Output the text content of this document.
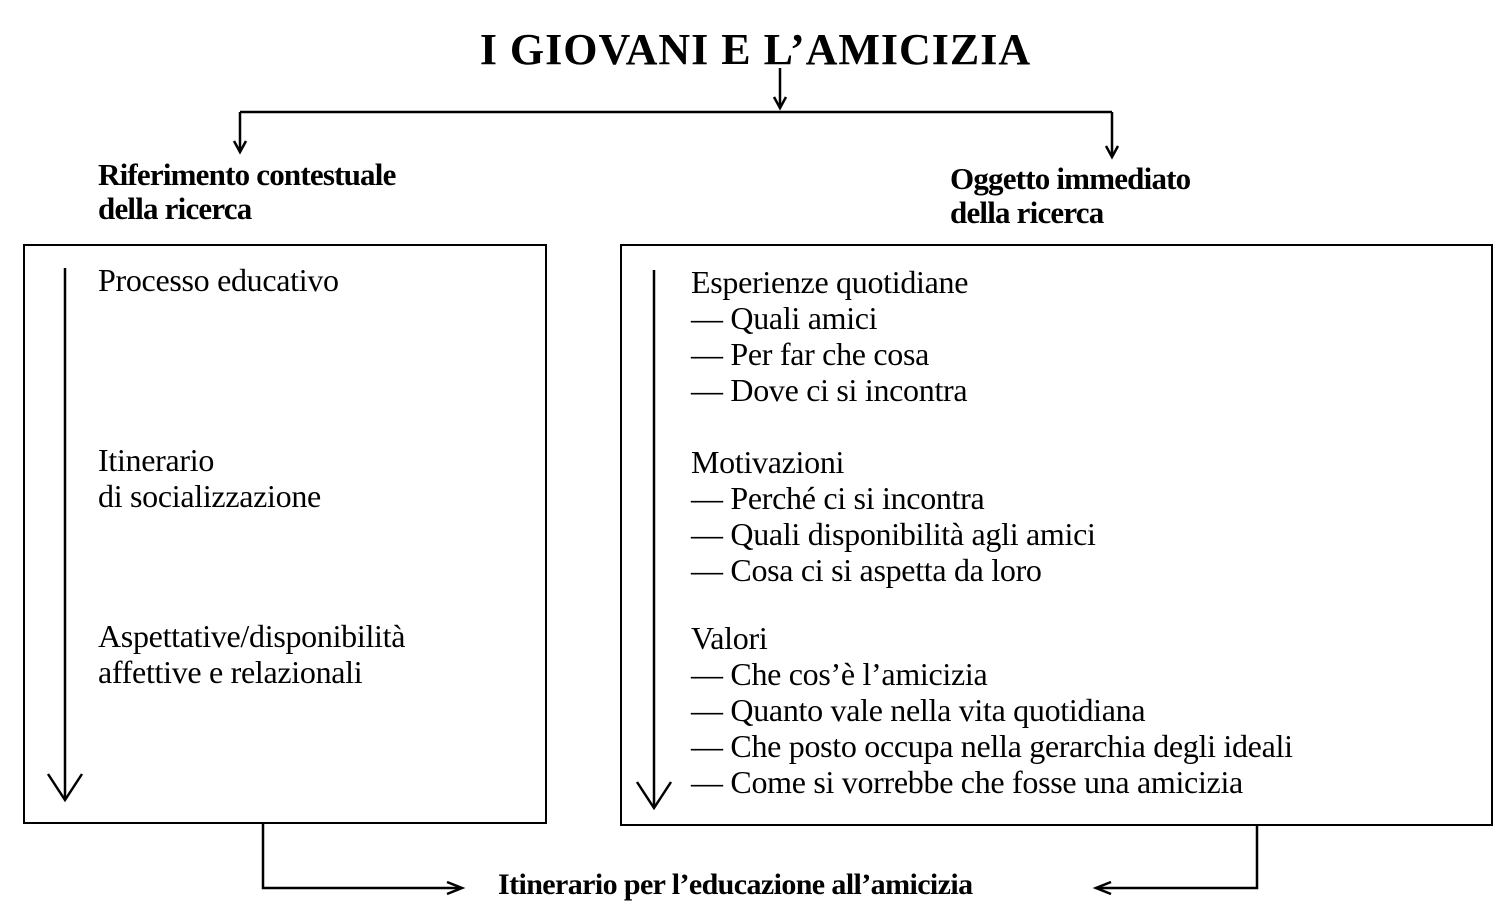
I GIOVANI E L’AMICIZIA
Riferimento contestuale
della ricerca
Oggetto immediato
della ricerca
Processo educativo
Itinerario
di socializzazione
Aspettative/disponibilità
affettive e relazionali
Esperienze quotidiane
— Quali amici
— Per far che cosa
— Dove ci si incontra
Motivazioni
— Perché ci si incontra
— Quali disponibilità agli amici
— Cosa ci si aspetta da loro
Valori
— Che cos’è l’amicizia
— Quanto vale nella vita quotidiana
— Che posto occupa nella gerarchia degli ideali
— Come si vorrebbe che fosse una amicizia
Itinerario per l’educazione all’amicizia
